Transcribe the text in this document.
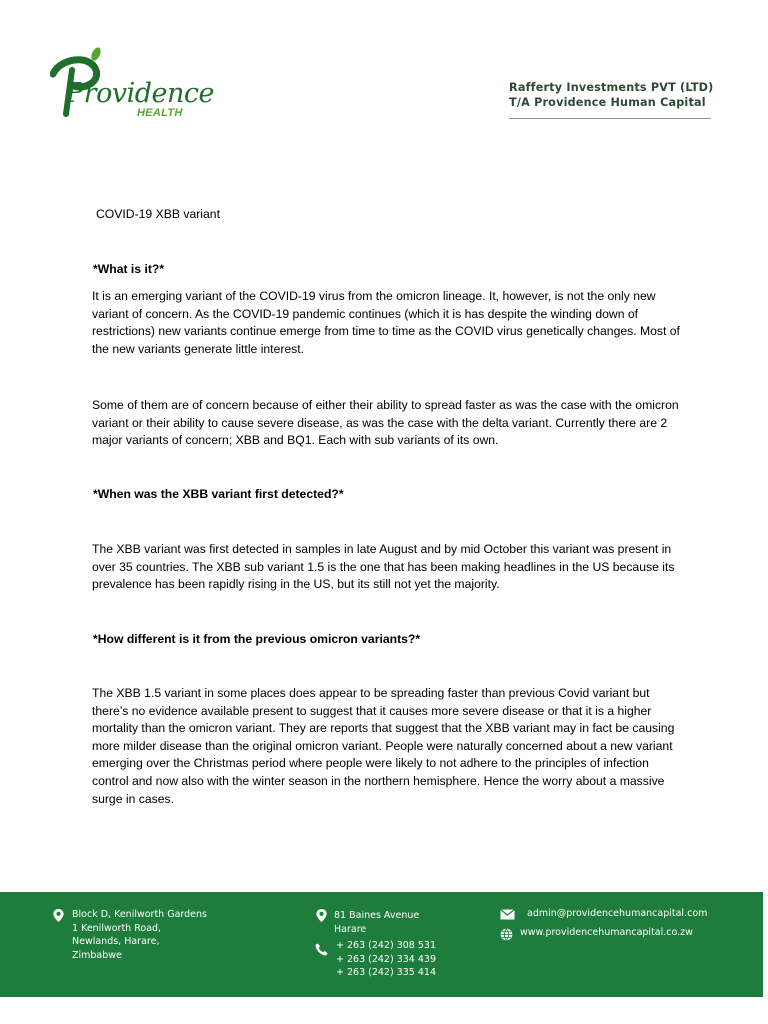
Providence
HEALTH
Rafferty Investments PVT (LTD)
T/A Providence Human Capital
COVID-19 XBB variant
*What is it?*

It is an emerging variant of the COVID-19 virus from the omicron lineage. It, however, is not the only new variant of concern. As the COVID-19 pandemic continues (which it is has despite the winding down of restrictions) new variants continue emerge from time to time as the COVID virus genetically changes. Most of the new variants generate little interest.

Some of them are of concern because of either their ability to spread faster as was the case with the omicron variant or their ability to cause severe disease, as was the case with the delta variant. Currently there are 2 major variants of concern; XBB and BQ1. Each with sub variants of its own.

*When was the XBB variant first detected?*

The XBB variant was first detected in samples in late August and by mid October this variant was present in over 35 countries. The XBB sub variant 1.5 is the one that has been making headlines in the US because its prevalence has been rapidly rising in the US, but its still not yet the majority.

*How different is it from the previous omicron variants?*

The XBB 1.5 variant in some places does appear to be spreading faster than previous Covid variant but there’s no evidence available present to suggest that it causes more severe disease or that it is a higher mortality than the omicron variant. They are reports that suggest that the XBB variant may in fact be causing more milder disease than the original omicron variant. People were naturally concerned about a new variant emerging over the Christmas period where people were likely to not adhere to the principles of infection control and now also with the winter season in the northern hemisphere. Hence the worry about a massive surge in cases.

Block D, Kenilworth Gardens
1 Kenilworth Road,
Newlands, Harare,
Zimbabwe
81 Baines Avenue
Harare
+ 263 (242) 308 531
+ 263 (242) 334 439
+ 263 (242) 335 414
admin@providencehumancapital.com
www.providencehumancapital.co.zw
